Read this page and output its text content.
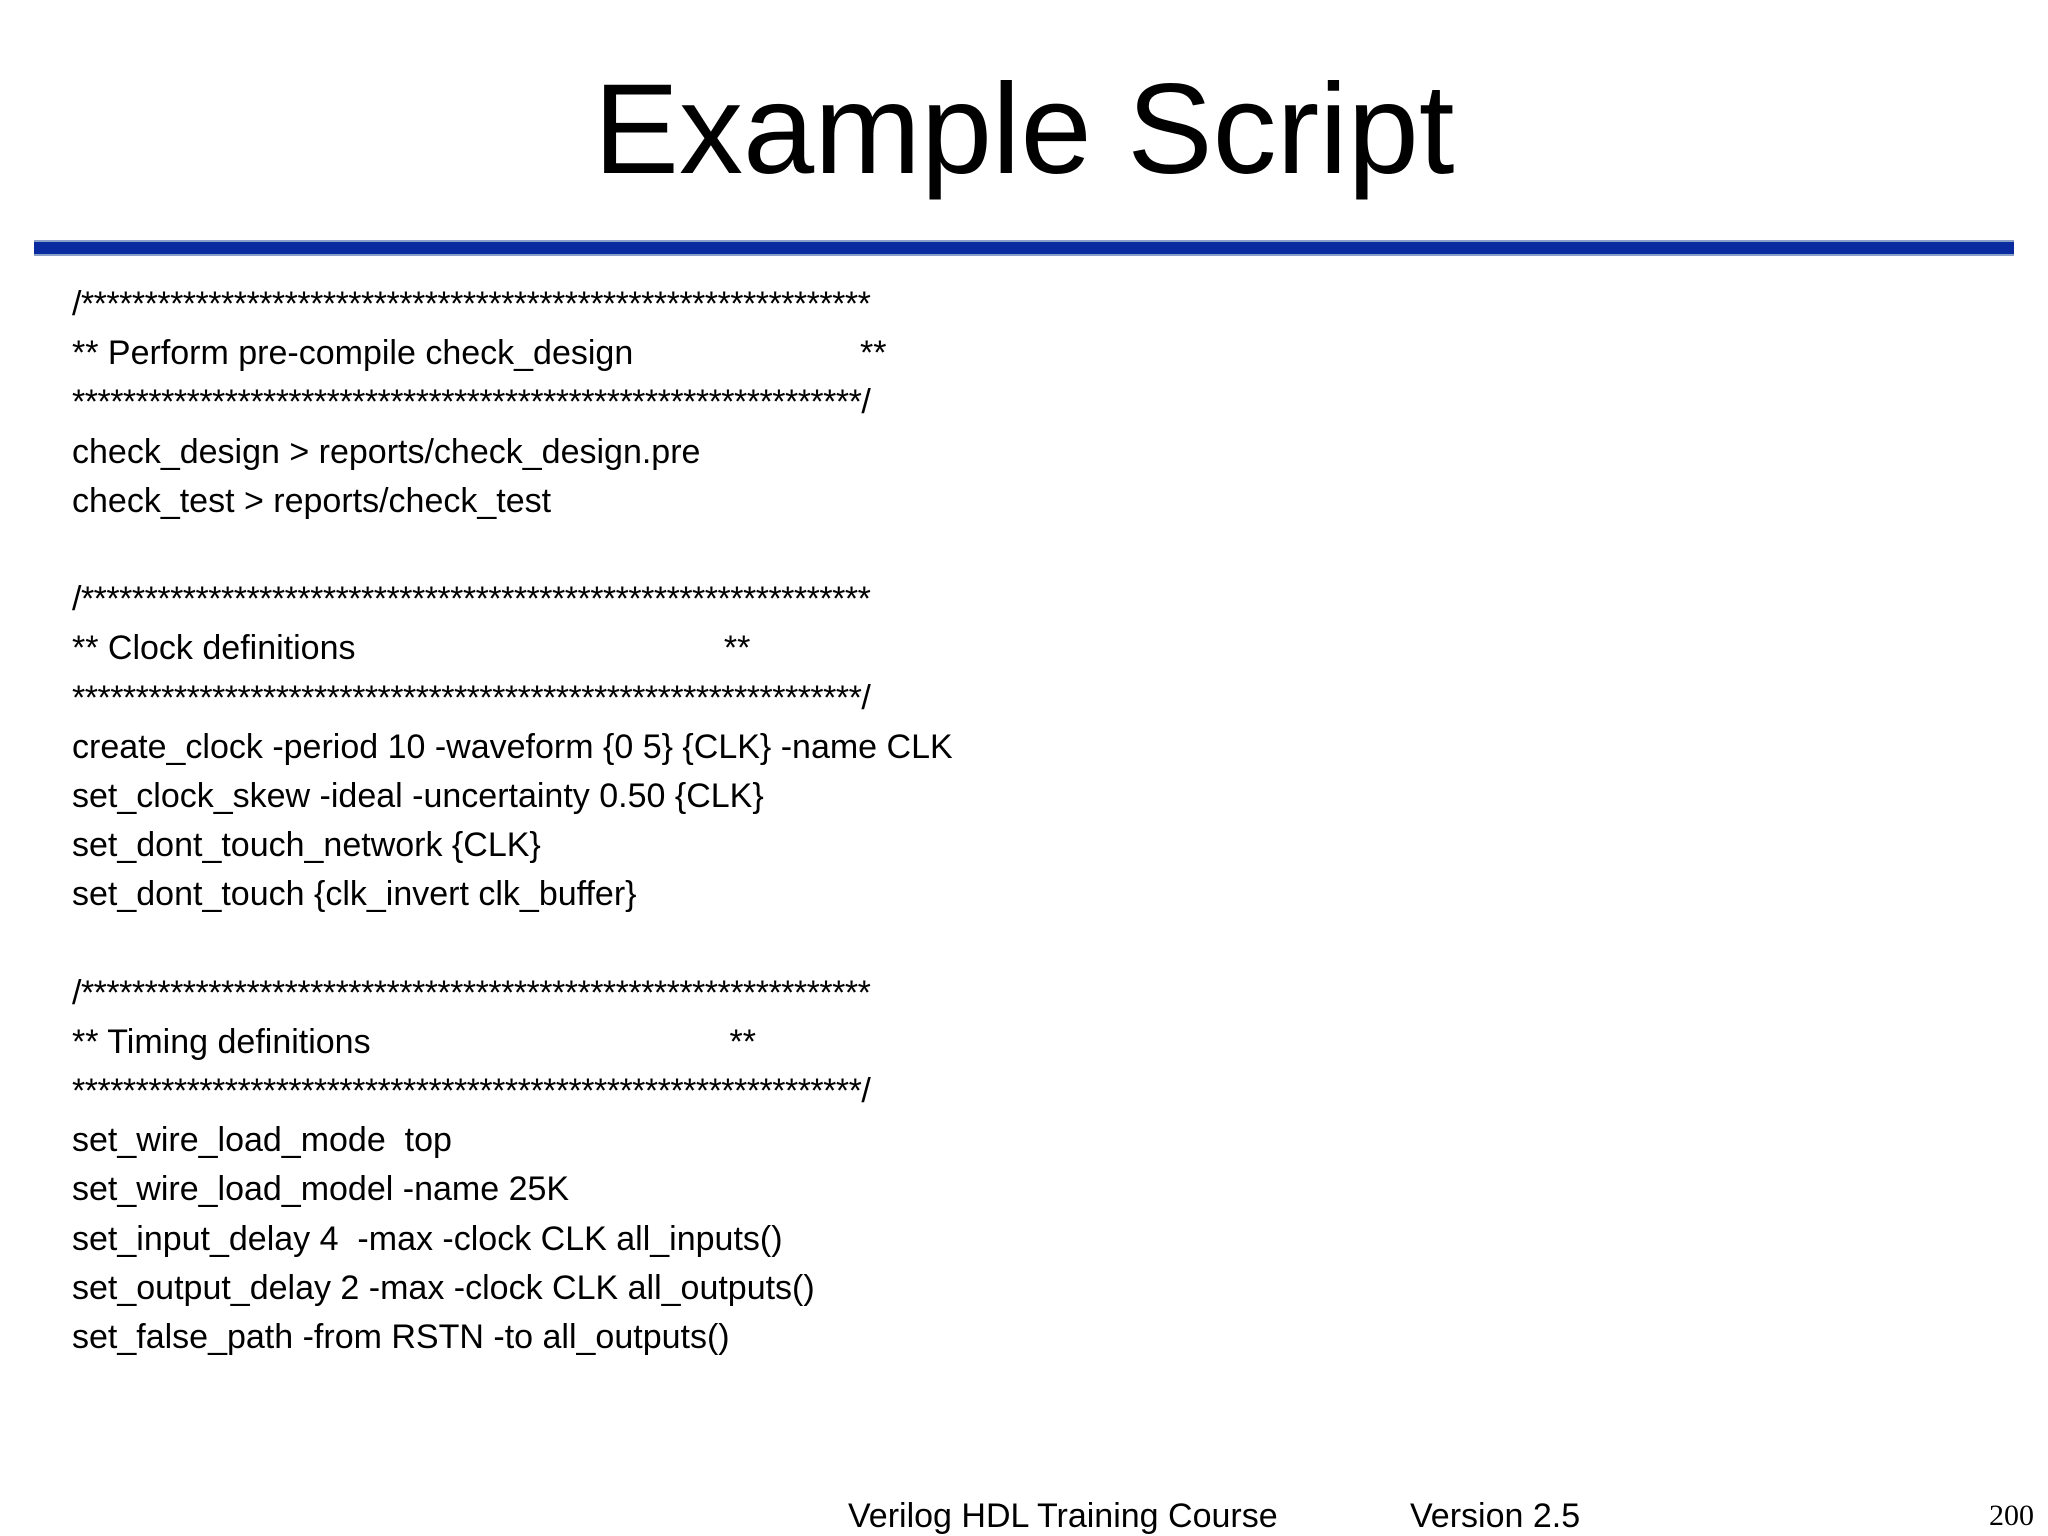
Example Script
/**************************************************************
** Perform pre-compile check_design                        **
**************************************************************/
check_design > reports/check_design.pre
check_test > reports/check_test
/**************************************************************
** Clock definitions                                       **
**************************************************************/
create_clock -period 10 -waveform {0 5} {CLK} -name CLK
set_clock_skew -ideal -uncertainty 0.50 {CLK}
set_dont_touch_network {CLK}
set_dont_touch {clk_invert clk_buffer}
/**************************************************************
** Timing definitions                                      **
**************************************************************/
set_wire_load_mode  top
set_wire_load_model -name 25K
set_input_delay 4  -max -clock CLK all_inputs()
set_output_delay 2 -max -clock CLK all_outputs()
set_false_path -from RSTN -to all_outputs()
Verilog HDL Training Course	Version 2.5	200
